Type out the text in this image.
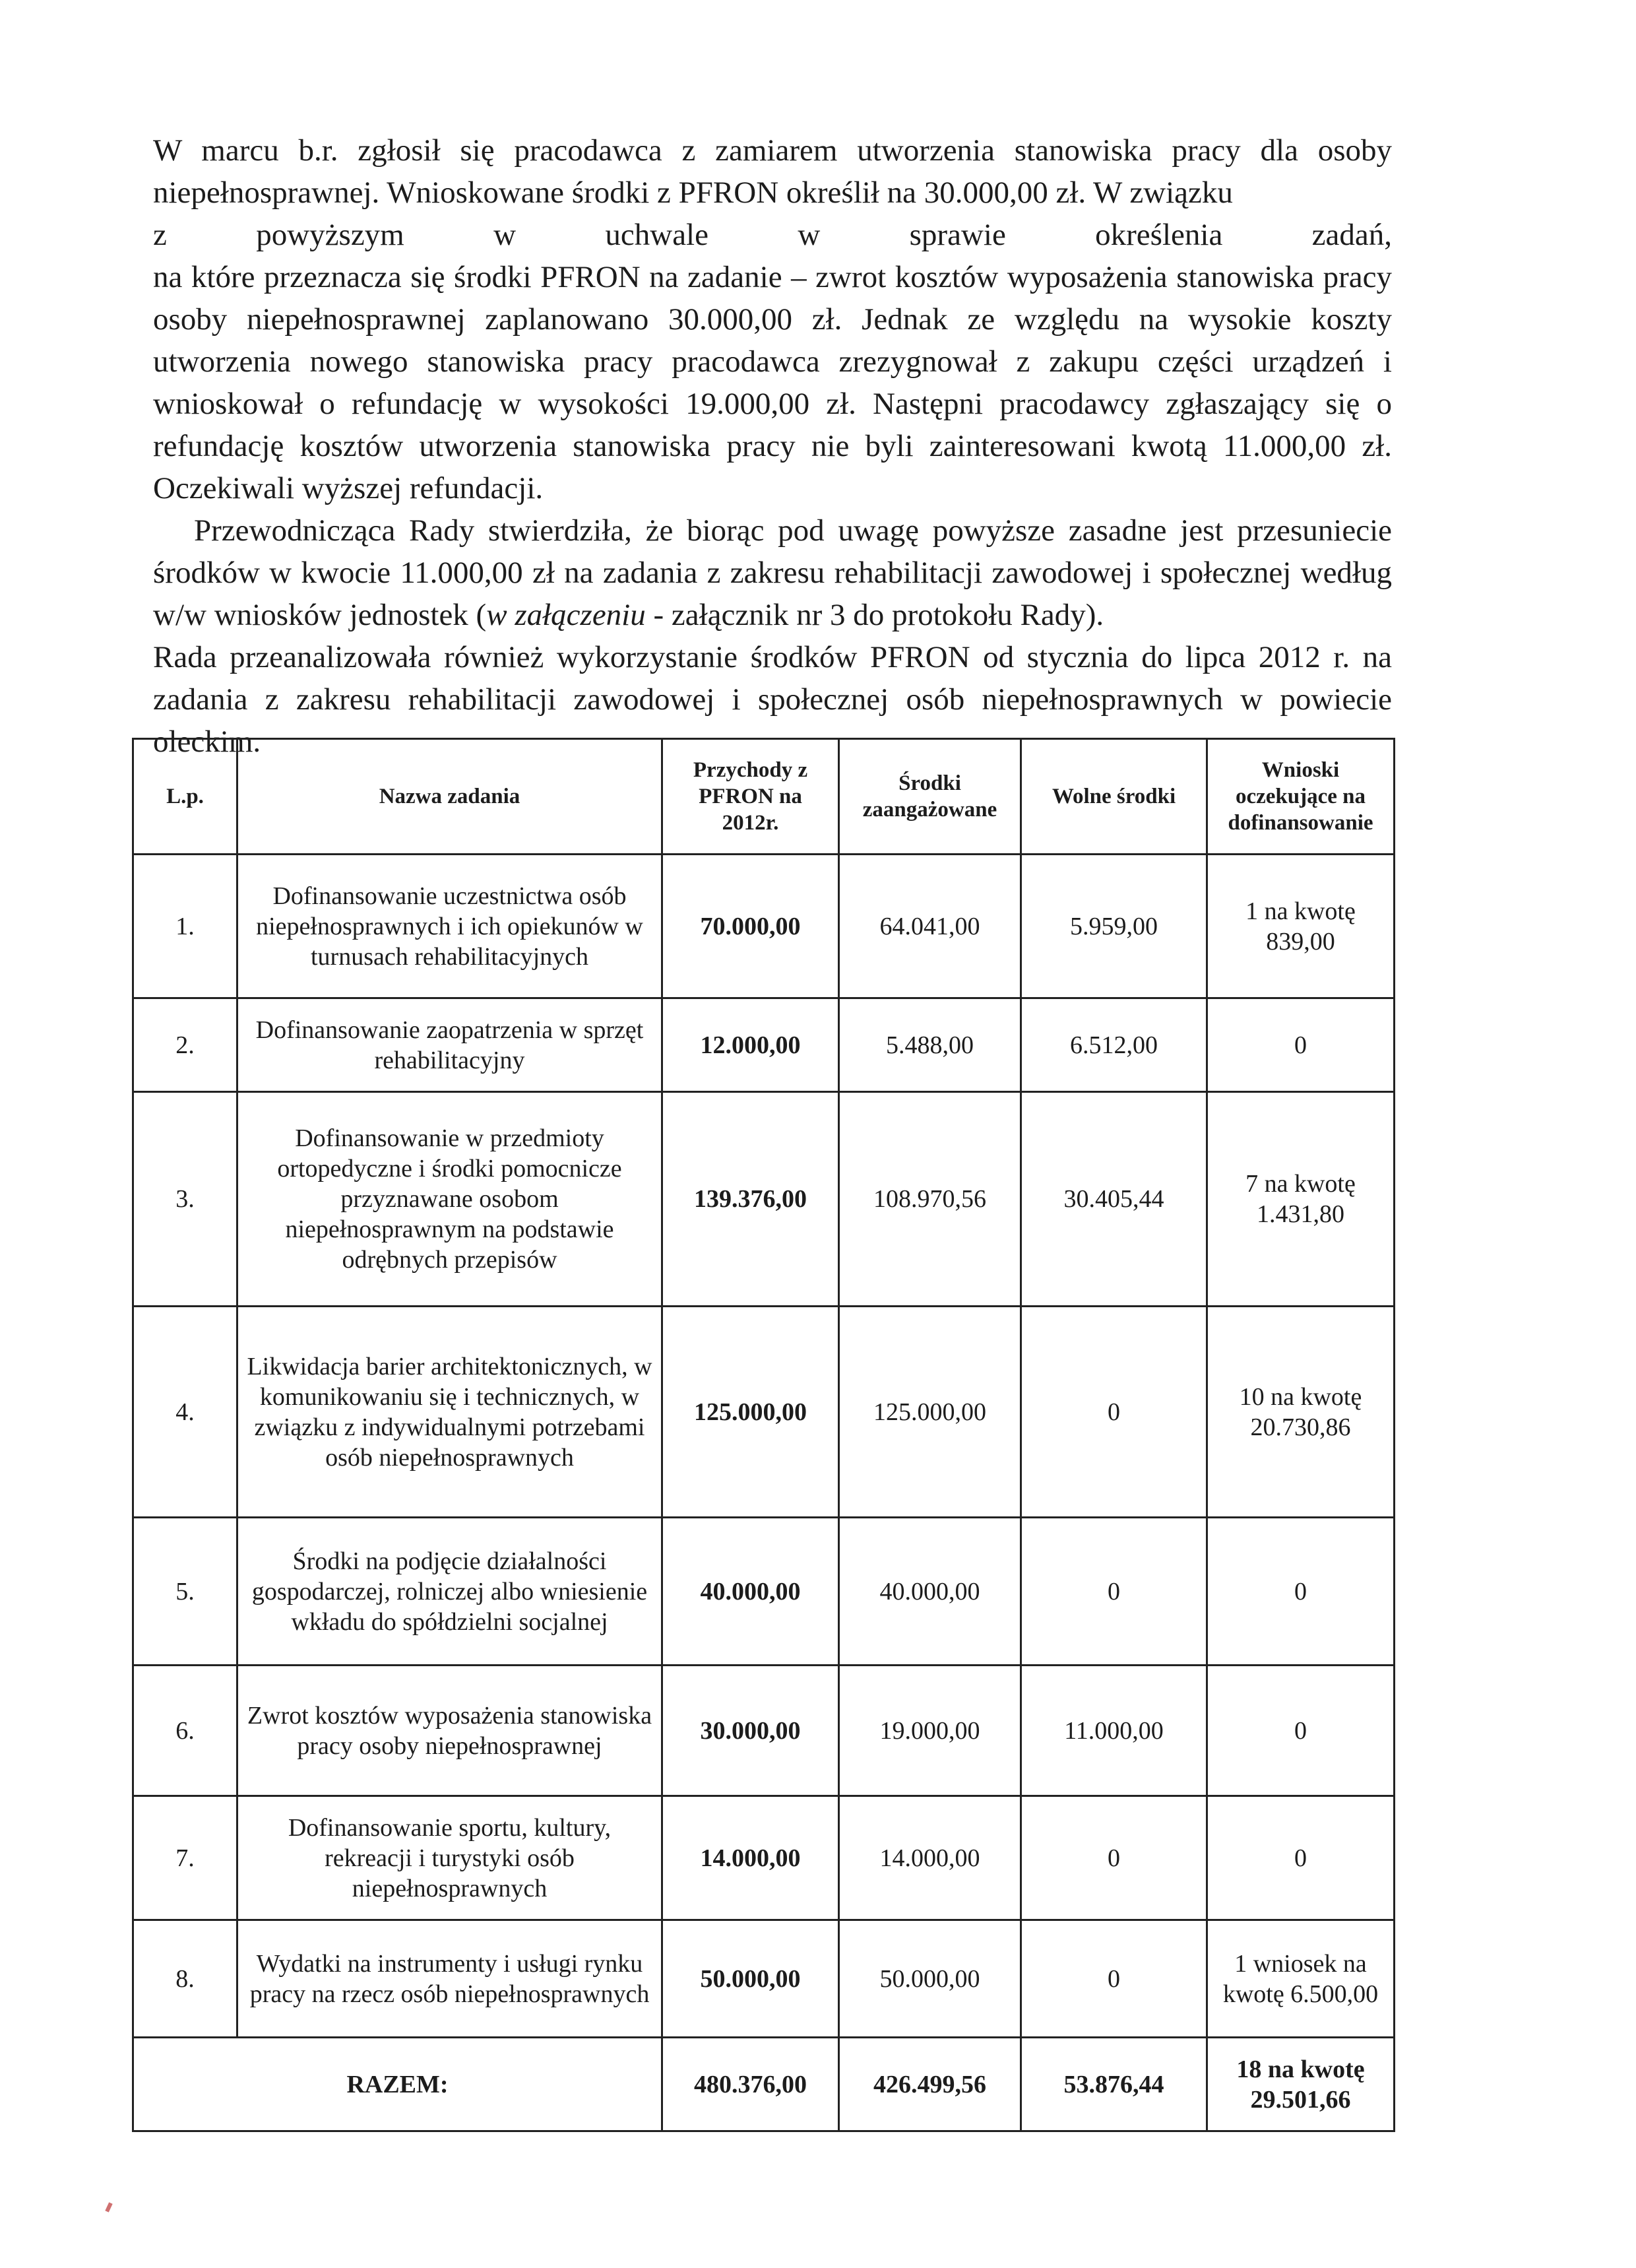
W marcu b.r. zgłosił się pracodawca z zamiarem utworzenia stanowiska pracy dla osoby niepełnosprawnej. Wnioskowane środki z PFRON określił na 30.000,00 zł. W związku

z powyższym w uchwale w sprawie określenia zadań,

na które przeznacza się środki PFRON na zadanie – zwrot kosztów wyposażenia stanowiska pracy osoby niepełnosprawnej zaplanowano 30.000,00 zł. Jednak ze względu na wysokie koszty utworzenia nowego stanowiska pracy pracodawca zrezygnował z zakupu części urządzeń i wnioskował o refundację w wysokości 19.000,00 zł. Następni pracodawcy zgłaszający się o refundację kosztów utworzenia stanowiska pracy nie byli zainteresowani kwotą 11.000,00 zł. Oczekiwali wyższej refundacji.

Przewodnicząca Rady stwierdziła, że biorąc pod uwagę powyższe zasadne jest przesuniecie środków w kwocie 11.000,00 zł na zadania z zakresu rehabilitacji zawodowej i społecznej według w/w wniosków jednostek (w załączeniu - załącznik nr 3 do protokołu Rady).

Rada przeanalizowała również wykorzystanie środków PFRON od stycznia do lipca 2012 r. na zadania z zakresu rehabilitacji zawodowej i społecznej osób niepełnosprawnych w powiecie oleckim.

L.p.	Nazwa zadania	Przychody z PFRON na 2012r.	Środki zaangażowane	Wolne środki	Wnioski oczekujące na dofinansowanie
1.	Dofinansowanie uczestnictwa osób niepełnosprawnych i ich opiekunów w turnusach rehabilitacyjnych	70.000,00	64.041,00	5.959,00	1 na kwotę 839,00
2.	Dofinansowanie zaopatrzenia w sprzęt rehabilitacyjny	12.000,00	5.488,00	6.512,00	0
3.	Dofinansowanie w przedmioty ortopedyczne i środki pomocnicze przyznawane osobom niepełnosprawnym na podstawie odrębnych przepisów	139.376,00	108.970,56	30.405,44	7 na kwotę 1.431,80
4.	Likwidacja barier architektonicznych, w komunikowaniu się i technicznych, w związku z indywidualnymi potrzebami osób niepełnosprawnych	125.000,00	125.000,00	0	10 na kwotę 20.730,86
5.	Środki na podjęcie działalności gospodarczej, rolniczej albo wniesienie wkładu do spółdzielni socjalnej	40.000,00	40.000,00	0	0
6.	Zwrot kosztów wyposażenia stanowiska pracy osoby niepełnosprawnej	30.000,00	19.000,00	11.000,00	0
7.	Dofinansowanie sportu, kultury, rekreacji i turystyki osób niepełnosprawnych	14.000,00	14.000,00	0	0
8.	Wydatki na instrumenty i usługi rynku pracy na rzecz osób niepełnosprawnych	50.000,00	50.000,00	0	1 wniosek na kwotę 6.500,00
RAZEM:		480.376,00	426.499,56	53.876,44	18 na kwotę 29.501,66
